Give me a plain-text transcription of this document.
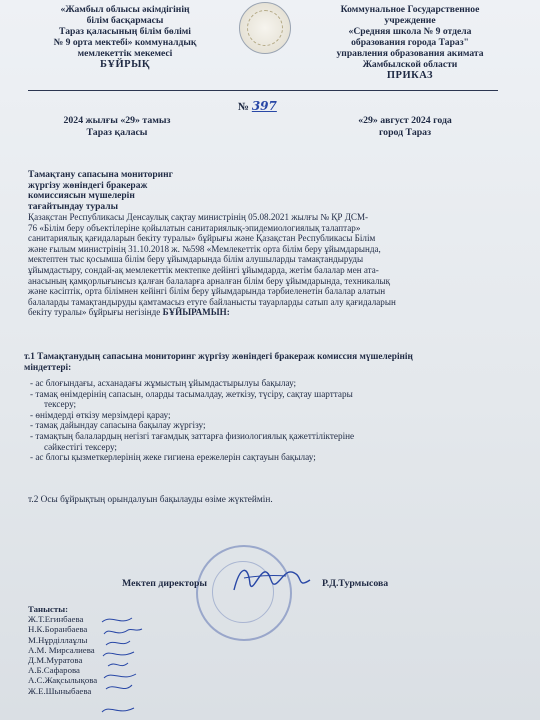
«Жамбыл облысы әкімдігінің
білім басқармасы
Тараз қаласының білім бөлімі
№ 9 орта мектебі» коммуналдық
мемлекеттік мекемесі
БҰЙРЫҚ
Коммунальное Государственное
учреждение
«Средняя школа № 9 отдела
образования города Тараз"
управления образования акимата
Жамбылской области
ПРИКАЗ
№ 397
2024 жылғы «29» тамыз
Тараз қаласы
«29» август 2024 года
город Тараз
Тамақтану сапасына мониторинг
жүргізу жөніндегі бракераж
комиссиясын мүшелерін
тағайтындау туралы
Қазақстан Республикасы Денсаулық сақтау министрінің 05.08.2021 жылғы № ҚР ДСМ-
76 «Білім беру объектілеріне қойылатын санитариялық-эпидемиологиялық талаптар»
санитариялық қағидаларын бекіту туралы» бұйрығы және Қазақстан Республикасы Білім
және ғылым министрінің 31.10.2018 ж. №598 «Мемлекеттік орта білім беру ұйымдарында,
мектептен тыс қосымша білім беру ұйымдарында білім алушыларды тамақтандыруды
ұйымдастыру, сондай-ақ мемлекеттік мектепке дейінгі ұйымдарда, жетім балалар мен ата-
анасының қамқорлығынсыз қалған балаларға арналған білім беру ұйымдарында, техникалық
және кәсіптік, орта білімнен кейінгі білім беру ұйымдарында тәрбиеленетін балалар алатын
балаларды тамақтандыруды қамтамасыз етуге байланысты тауарларды сатып алу қағидаларын
бекіту туралы» бұйрығы негізінде БҰЙЫРАМЫН:
т.1 Тамақтанудың сапасына мониторинг жүргізу жөніндегі бракераж комиссия мүшелерінің
міндеттері:
- ас блоғындағы, асханадағы жұмыстың ұйымдастырылуы бақылау;
- тамақ өнімдерінің сапасын, оларды тасымалдау, жеткізу, түсіру, сақтау шарттары
тексеру;
- өнімдерді өткізу мерзімдері қарау;
- тамақ дайындау сапасына бақылау жүргізу;
- тамақтың балалардың негізгі тағамдық заттарға физиологиялық қажеттіліктеріне
сәйкестігі тексеру;
- ас блогы қызметкерлерінің жеке гигиена ережелерін сақтауын бақылау;
т.2 Осы бұйрықтың орындалуын бақылауды өзіме жүктеймін.
Мектеп директоры	Р.Д.Турмысова
Танысты:
Ж.Т.Егинбаева
Н.К.Боранбаева
М.Нұрділлаұлы
А.М. Мирсалиева
Д.М.Муратова
А.Б.Сафарова
А.С.Жақсылықова
Ж.Е.Шыныбаева
